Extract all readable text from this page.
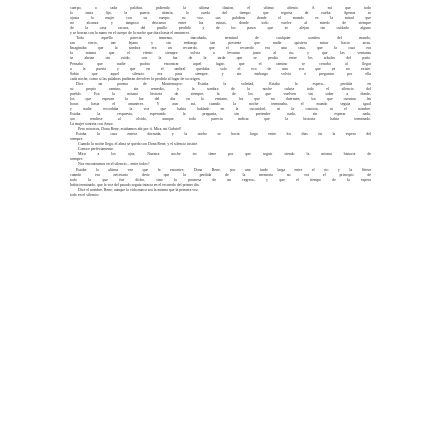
cuerpo, a cada palabra, pidiendo la ultima ilusion, el ultimo aliento. A mi que todo

lo tenia fijo, la puerta abierta, la rueda del tiempo que regresa de vuelta. Apenas se

ajusta la mujer con su cuerpo, su voz, sus palabras donde el mundo es la mitad que

no alcanza y tampoco descansa entre las ruinas, donde todo vuelve al miedo de siempre

de la casa oscura, del pasillo perdido y de los pasos que se alejan sin cuidado alguno

y se borran con la mano en el cuerpo de la noche que dura hasta el amanecer.

Todo aquello parecia inmenso, inacabado, terminal de cualquier sombra del mundo,

tan cierto, tan lejano y sin embargo tan presente que nadie quisiera mirar hacia atras.

Imaginaba que la sombra era un recuerdo, que el recuerdo era una casa, que la casa era

la misma que el viento siempre volvia a levantar junto al rio, y que las ventanas

se abrian sin ruido, con la luz de la tarde que se perdia entre los arboles del patio.

Pensaba que nadie podria encontrar aquel lugar, que el camino se cerraba al llegar

a la puerta y que en el umbral quedaba solo el eco de una voz que ya no existe.

Sabia que aquel silencio era para siempre, y sin embargo volvia a preguntar por ella

cada noche, como si las palabras pudieran devolver lo perdido al lugar de su origen.

Dice un poema de Montemayor: Estaba la soledad, Estaba la espera... perdida en

su propio camino, sin remedio, y la sombra de la noche cubria todo el silencio del

pueblo. Era la misma historia de siempre, la de los que vuelven sin saber a donde,

los que esperan la luz del dia en la ventana, los que no duermen, los que cuentan las

horas hasta el amanecer. Y aun asi, cuando la noche terminaba, el mundo seguia igual

y nadie recordaba la voz que habia hablado en la oscuridad, ni la cancion, ni el nombre.

Estaba la respuesta, esperando la pregunta, sin pretender nada, sin esperar nada,

sin rendirse al olvido, aunque todo parecia indicar que la historia habia terminado.

La mujer sonreia con Amor.

Pero nosotros, Dona Rene, estabamos ahi por ti. Mira, mi Gabriel!

Estaba la casa entera dormida, y la noche se hacia larga entre los dias en la espera del

siempre.

Cuando la noche llega, el alma se queda con Dona Rene, y el silencio insiste.

Conoce perfectamente.

Mira a los ojos, Nuestra noche no tiene por que seguir siendo la misma historia de

siempre.

Nos encontramos en el silencio... entre todos?

Estaba la ultima vez que la encontre, Dona Rene, por una tarde larga entre el rio y la Sierra

cuando era necesario decir que la perdida de la memoria no era el principio de

todo lo que fue dicho, sino la promesa de un regreso, y que el tiempo de la espera

habia terminado, que la voz del pasado seguia intacta en el recuerdo del primer dia.

Dice el nombre, Rene, aunque la vida nunca sea la misma que la primera vez.

todo en el silencio.
